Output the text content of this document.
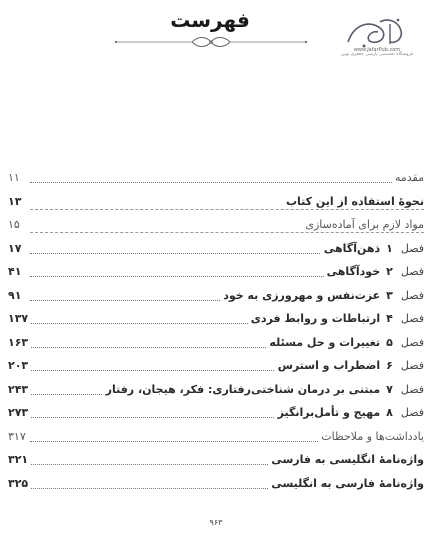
www.JafarPub.com
فروشگاه تخصصی پارسی جعفری نوین
فهرست
مقدمه
۱۱
نحوهٔ استفاده از این کتاب
۱۳
مواد لازم برای آماده‌سازی
۱۵
فصل۱ذهن‌آگاهی
۱۷
فصل۲خودآگاهی
۴۱
فصل۳عزت‌نفس و مهرورزی به خود
۹۱
فصل۴ارتباطات و روابط فردی
۱۳۷
فصل۵تغییرات و حل مسئله
۱۶۳
فصل۶اضطراب و استرس
۲۰۳
فصل۷مبتنی بر درمان شناختی‌رفتاری: فکر، هیجان، رفتار
۲۴۳
فصل۸مهیج و تأمل‌برانگیز
۲۷۳
یادداشت‌ها و ملاحظات
۳۱۷
واژه‌نامهٔ انگلیسی به فارسی
۳۲۱
واژه‌نامهٔ فارسی به انگلیسی
۳۲۵
۹۶۳
